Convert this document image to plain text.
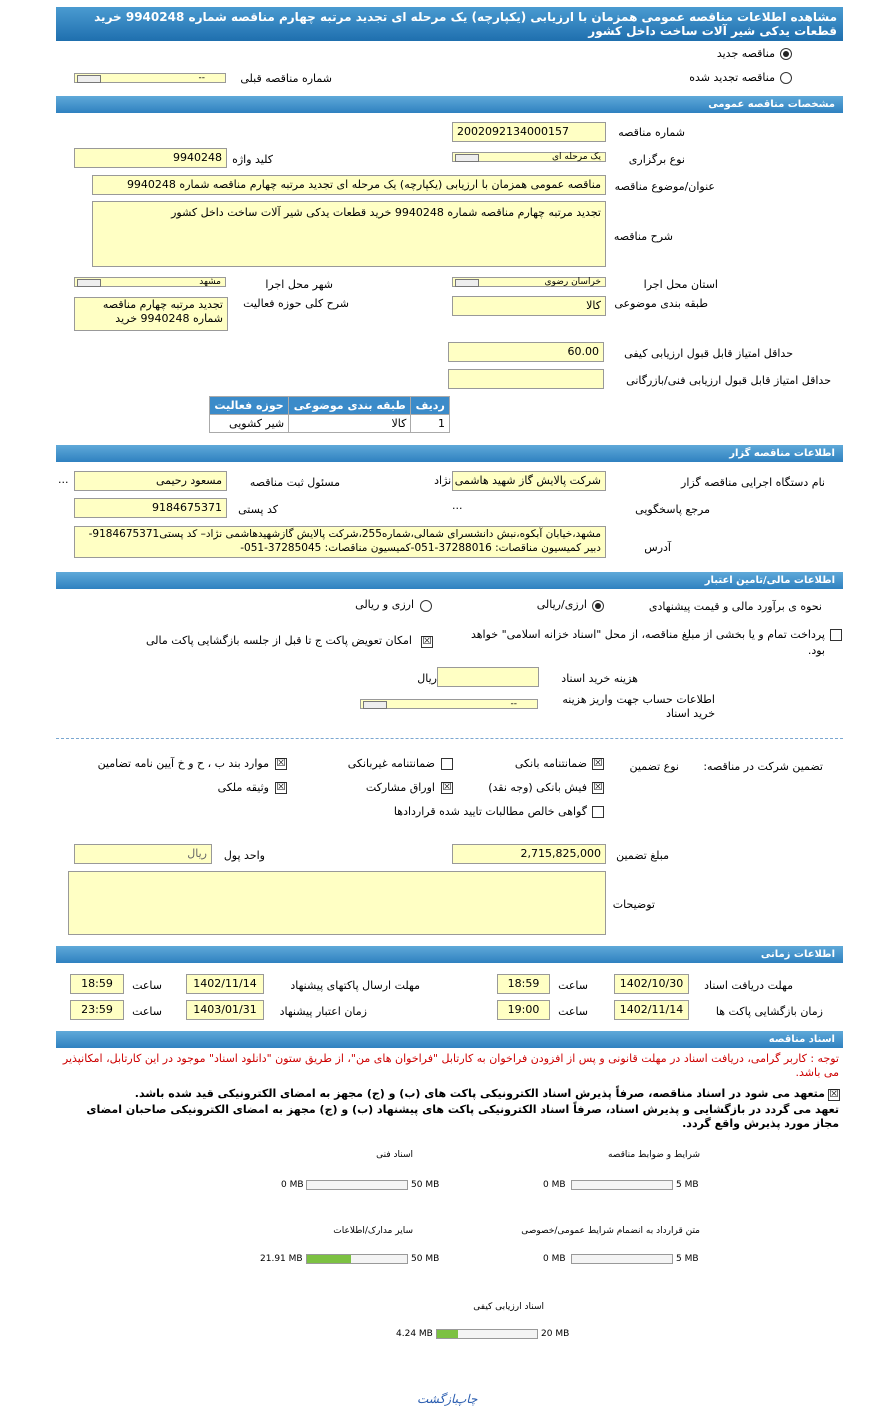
مشاهده اطلاعات مناقصه عمومی همزمان با ارزیابی (یکپارچه) یک مرحله ای تجدید مرتبه چهارم مناقصه شماره 9940248 خرید قطعات یدکی شیر آلات ساخت داخل کشور
مناقصه جدید
مناقصه تجدید شده
شماره مناقصه قبلی
--
مشخصات مناقصه عمومی
شماره مناقصه
2002092134000157
نوع برگزاری
یک مرحله ای
کلید واژه
9940248
عنوان/موضوع مناقصه
مناقصه عمومی همزمان با ارزیابی (یکپارچه) یک مرحله ای تجدید مرتبه چهارم مناقصه شماره 9940248
شرح مناقصه
تجدید مرتبه چهارم مناقصه شماره 9940248 خرید قطعات یدکی شیر آلات ساخت داخل کشور
استان محل اجرا
خراسان رضوی
شهر محل اجرا
مشهد
طبقه بندی موضوعی
کالا
شرح کلی حوزه فعالیت
تجدید مرتبه چهارم مناقصه شماره 9940248 خرید
حداقل امتیاز قابل قبول ارزیابی کیفی
60.00
حداقل امتیاز قابل قبول ارزیابی فنی/بازرگانی
ردیف	طبقه بندی موضوعی	حوزه فعالیت
1	کالا	شیر کشویی
اطلاعات مناقصه گزار
نام دستگاه اجرایی مناقصه گزار
شرکت پالایش گاز شهید هاشمی نژاد
مسئول ثبت مناقصه
مسعود رحیمی
...
مرجع پاسخگویی
...
کد پستی
9184675371
آدرس
مشهد،خیابان آبکوه،نبش دانشسرای شمالی،شماره255،شرکت پالایش گازشهیدهاشمی نژاد– کد پستی9184675371- دبیر کمیسیون مناقصات: 37288016-051-کمیسیون مناقصات: 37285045-051-
اطلاعات مالی/تامین اعتبار
نحوه ی برآورد مالی و قیمت پیشنهادی
ارزی/ریالی
ارزی و ریالی
پرداخت تمام و یا بخشی از مبلغ مناقصه، از محل "اسناد خزانه اسلامی" خواهد بود.
☒
امکان تعویض پاکت ج تا قبل از جلسه بازگشایی پاکت مالی
هزینه خرید اسناد
ریال
اطلاعات حساب جهت واریز هزینه خرید اسناد
--
تضمین شرکت در مناقصه:
نوع تضمین
☒
ضمانتنامه بانکی
ضمانتنامه غیربانکی
☒
موارد بند ب ، ح و خ آیین نامه تضامین
☒
فیش بانکی (وجه نقد)
☒
اوراق مشارکت
☒
وثیقه ملکی
گواهی خالص مطالبات تایید شده قراردادها
مبلغ تضمین
2,715,825,000
واحد پول
ریال
توضیحات
اطلاعات زمانی
مهلت دریافت اسناد
1402/10/30
ساعت
18:59
مهلت ارسال پاکتهای پیشنهاد
1402/11/14
ساعت
18:59
زمان بازگشایی پاکت ها
1402/11/14
ساعت
19:00
زمان اعتبار پیشنهاد
1403/01/31
ساعت
23:59
اسناد مناقصه
توجه : کاربر گرامی، دریافت اسناد در مهلت قانونی و پس از افزودن فراخوان به کارتابل "فراخوان های من"، از طریق ستون "دانلود اسناد" موجود در این کارتابل، امکانپذیر می باشد.
☒
متعهد می شود در اسناد مناقصه، صرفاً پذیرش اسناد الکترونیکی پاکت های (ب) و (ج) مجهز به امضای الکترونیکی قید شده باشد.
تعهد می گردد در بازگشایی و پذیرش اسناد، صرفاً اسناد الکترونیکی پاکت های پیشنهاد (ب) و (ج) مجهز به امضای الکترونیکی صاحبان امضای مجاز مورد پذیرش واقع گردد.
شرایط و ضوابط مناقصه
5 MB
0 MB
اسناد فنی
50 MB
0 MB
متن قرارداد به انضمام شرایط عمومی/خصوصی
5 MB
0 MB
سایر مدارک/اطلاعات
50 MB
21.91 MB
اسناد ارزیابی کیفی
20 MB
4.24 MB
چاپ
بازگشت
